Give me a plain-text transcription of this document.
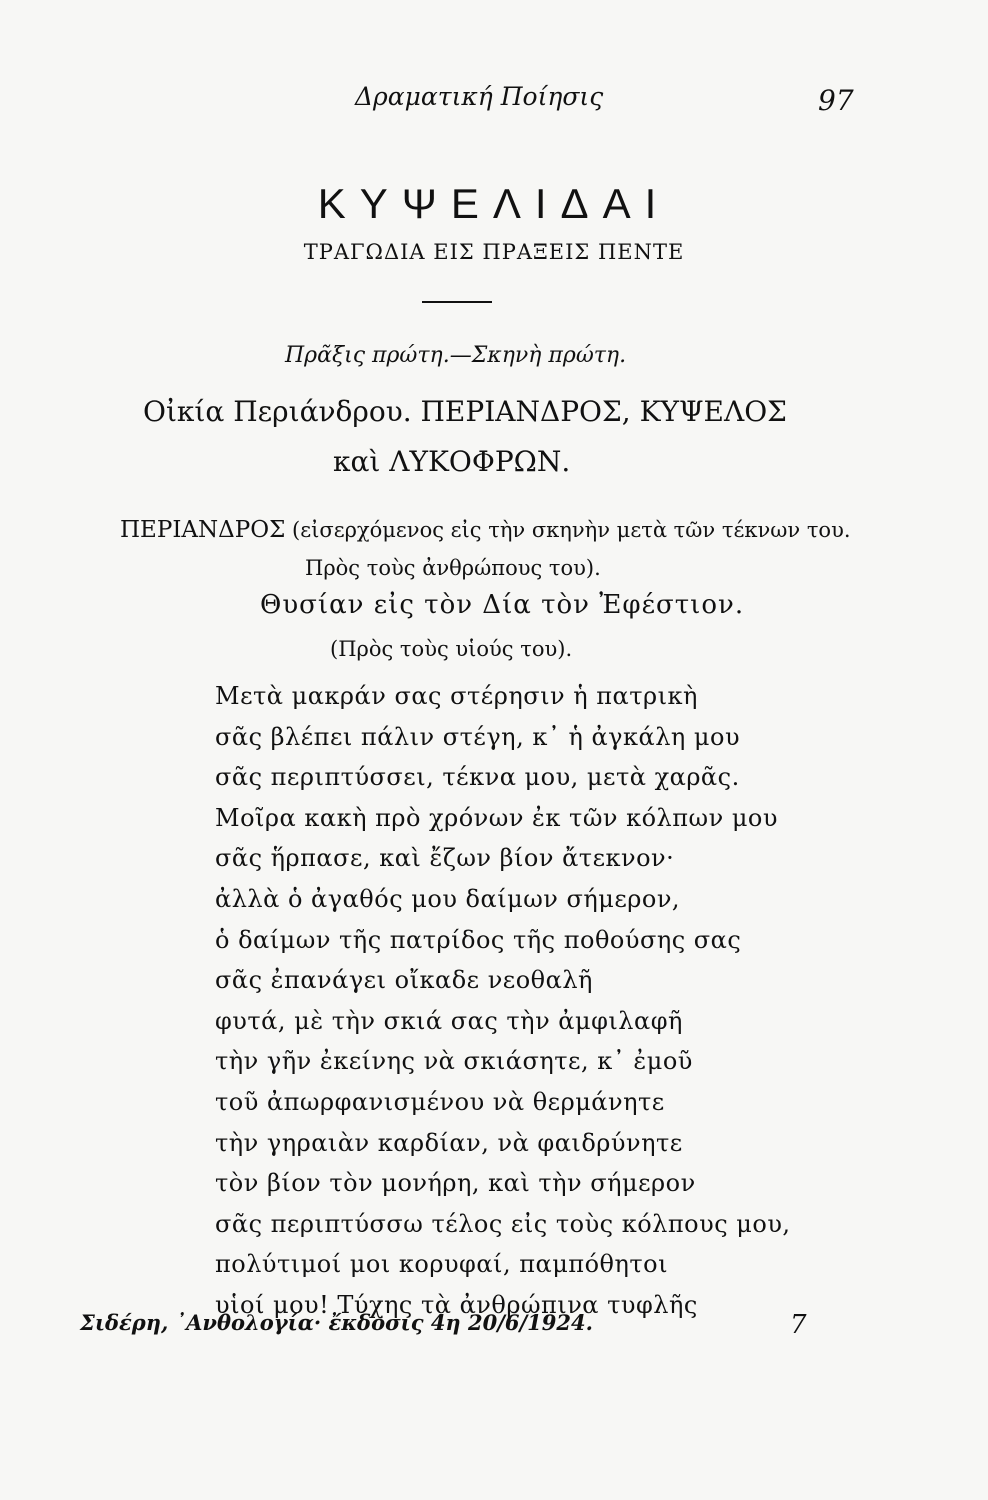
Δραματική Ποίησις	97
ΚΥΨΕΛΙΔΑΙ
ΤΡΑΓΩΔΙΑ ΕΙΣ ΠΡΑΞΕΙΣ ΠΕΝΤΕ
Πρᾶξις πρώτη.—Σκηνὴ πρώτη.
Οἰκία Περιάνδρου. ΠΕΡΙΑΝΔΡΟΣ, ΚΥΨΕΛΟΣ
καὶ ΛΥΚΟΦΡΩΝ.
ΠΕΡΙΑΝΔΡΟΣ (εἰσερχόμενος εἰς τὴν σκηνὴν μετὰ τῶν τέκνων του.
Πρὸς τοὺς ἀνθρώπους του).
Θυσίαν εἰς τὸν Δία τὸν Ἐφέστιον.
(Πρὸς τοὺς υἱούς του).
Μετὰ μακράν σας στέρησιν ἡ πατρικὴ
σᾶς βλέπει πάλιν στέγη, κ᾽ ἡ ἀγκάλη μου
σᾶς περιπτύσσει, τέκνα μου, μετὰ χαρᾶς.
Μοῖρα κακὴ πρὸ χρόνων ἐκ τῶν κόλπων μου
σᾶς ἥρπασε, καὶ ἔζων βίον ἄτεκνον·
ἀλλὰ ὁ ἀγαθός μου δαίμων σήμερον,
ὁ δαίμων τῆς πατρίδος τῆς ποθούσης σας
σᾶς ἐπανάγει οἴκαδε νεοθαλῆ
φυτά, μὲ τὴν σκιά σας τὴν ἀμφιλαφῆ
τὴν γῆν ἐκείνης νὰ σκιάσητε, κ᾽ ἐμοῦ
τοῦ ἀπωρφανισμένου νὰ θερμάνητε
τὴν γηραιὰν καρδίαν, νὰ φαιδρύνητε
τὸν βίον τὸν μονήρη, καὶ τὴν σήμερον
σᾶς περιπτύσσω τέλος εἰς τοὺς κόλπους μου,
πολύτιμοί μοι κορυφαί, παμπόθητοι
υἱοί μου! Τύχης τὰ ἀνθρώπινα τυφλῆς
Σιδέρη, ᾽Ανθολογία· ἔκδοσις 4η 20/6/1924.	7
